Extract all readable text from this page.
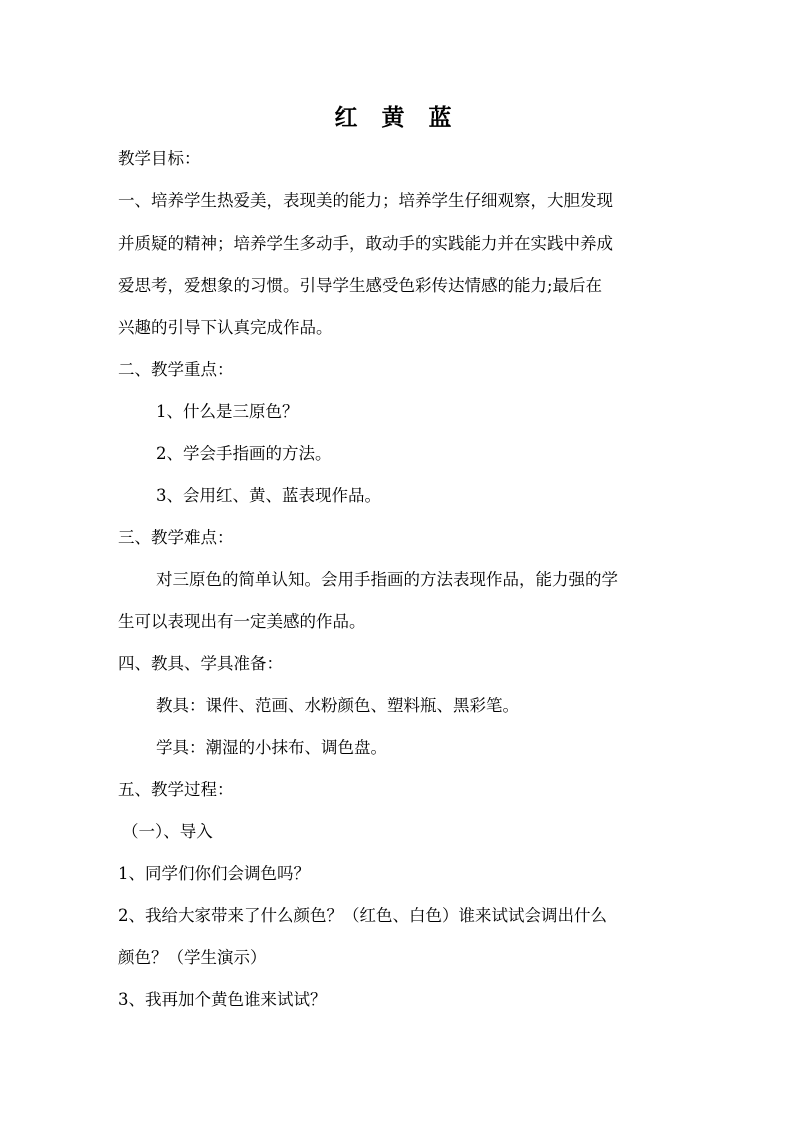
红 黄 蓝
教学目标：
一、培养学生热爱美，表现美的能力；培养学生仔细观察，大胆发现
并质疑的精神；培养学生多动手，敢动手的实践能力并在实践中养成
爱思考，爱想象的习惯。引导学生感受色彩传达情感的能力;最后在
兴趣的引导下认真完成作品。
二、教学重点：
1、什么是三原色？
2、学会手指画的方法。
3、会用红、黄、蓝表现作品。
三、教学难点：
对三原色的简单认知。会用手指画的方法表现作品，能力强的学
生可以表现出有一定美感的作品。
四、教具、学具准备：
教具：课件、范画、水粉颜色、塑料瓶、黑彩笔。
学具：潮湿的小抹布、调色盘。
五、教学过程：
（一）、导入
1、同学们你们会调色吗？
2、我给大家带来了什么颜色？（红色、白色）谁来试试会调出什么
颜色？（学生演示）
3、我再加个黄色谁来试试？
